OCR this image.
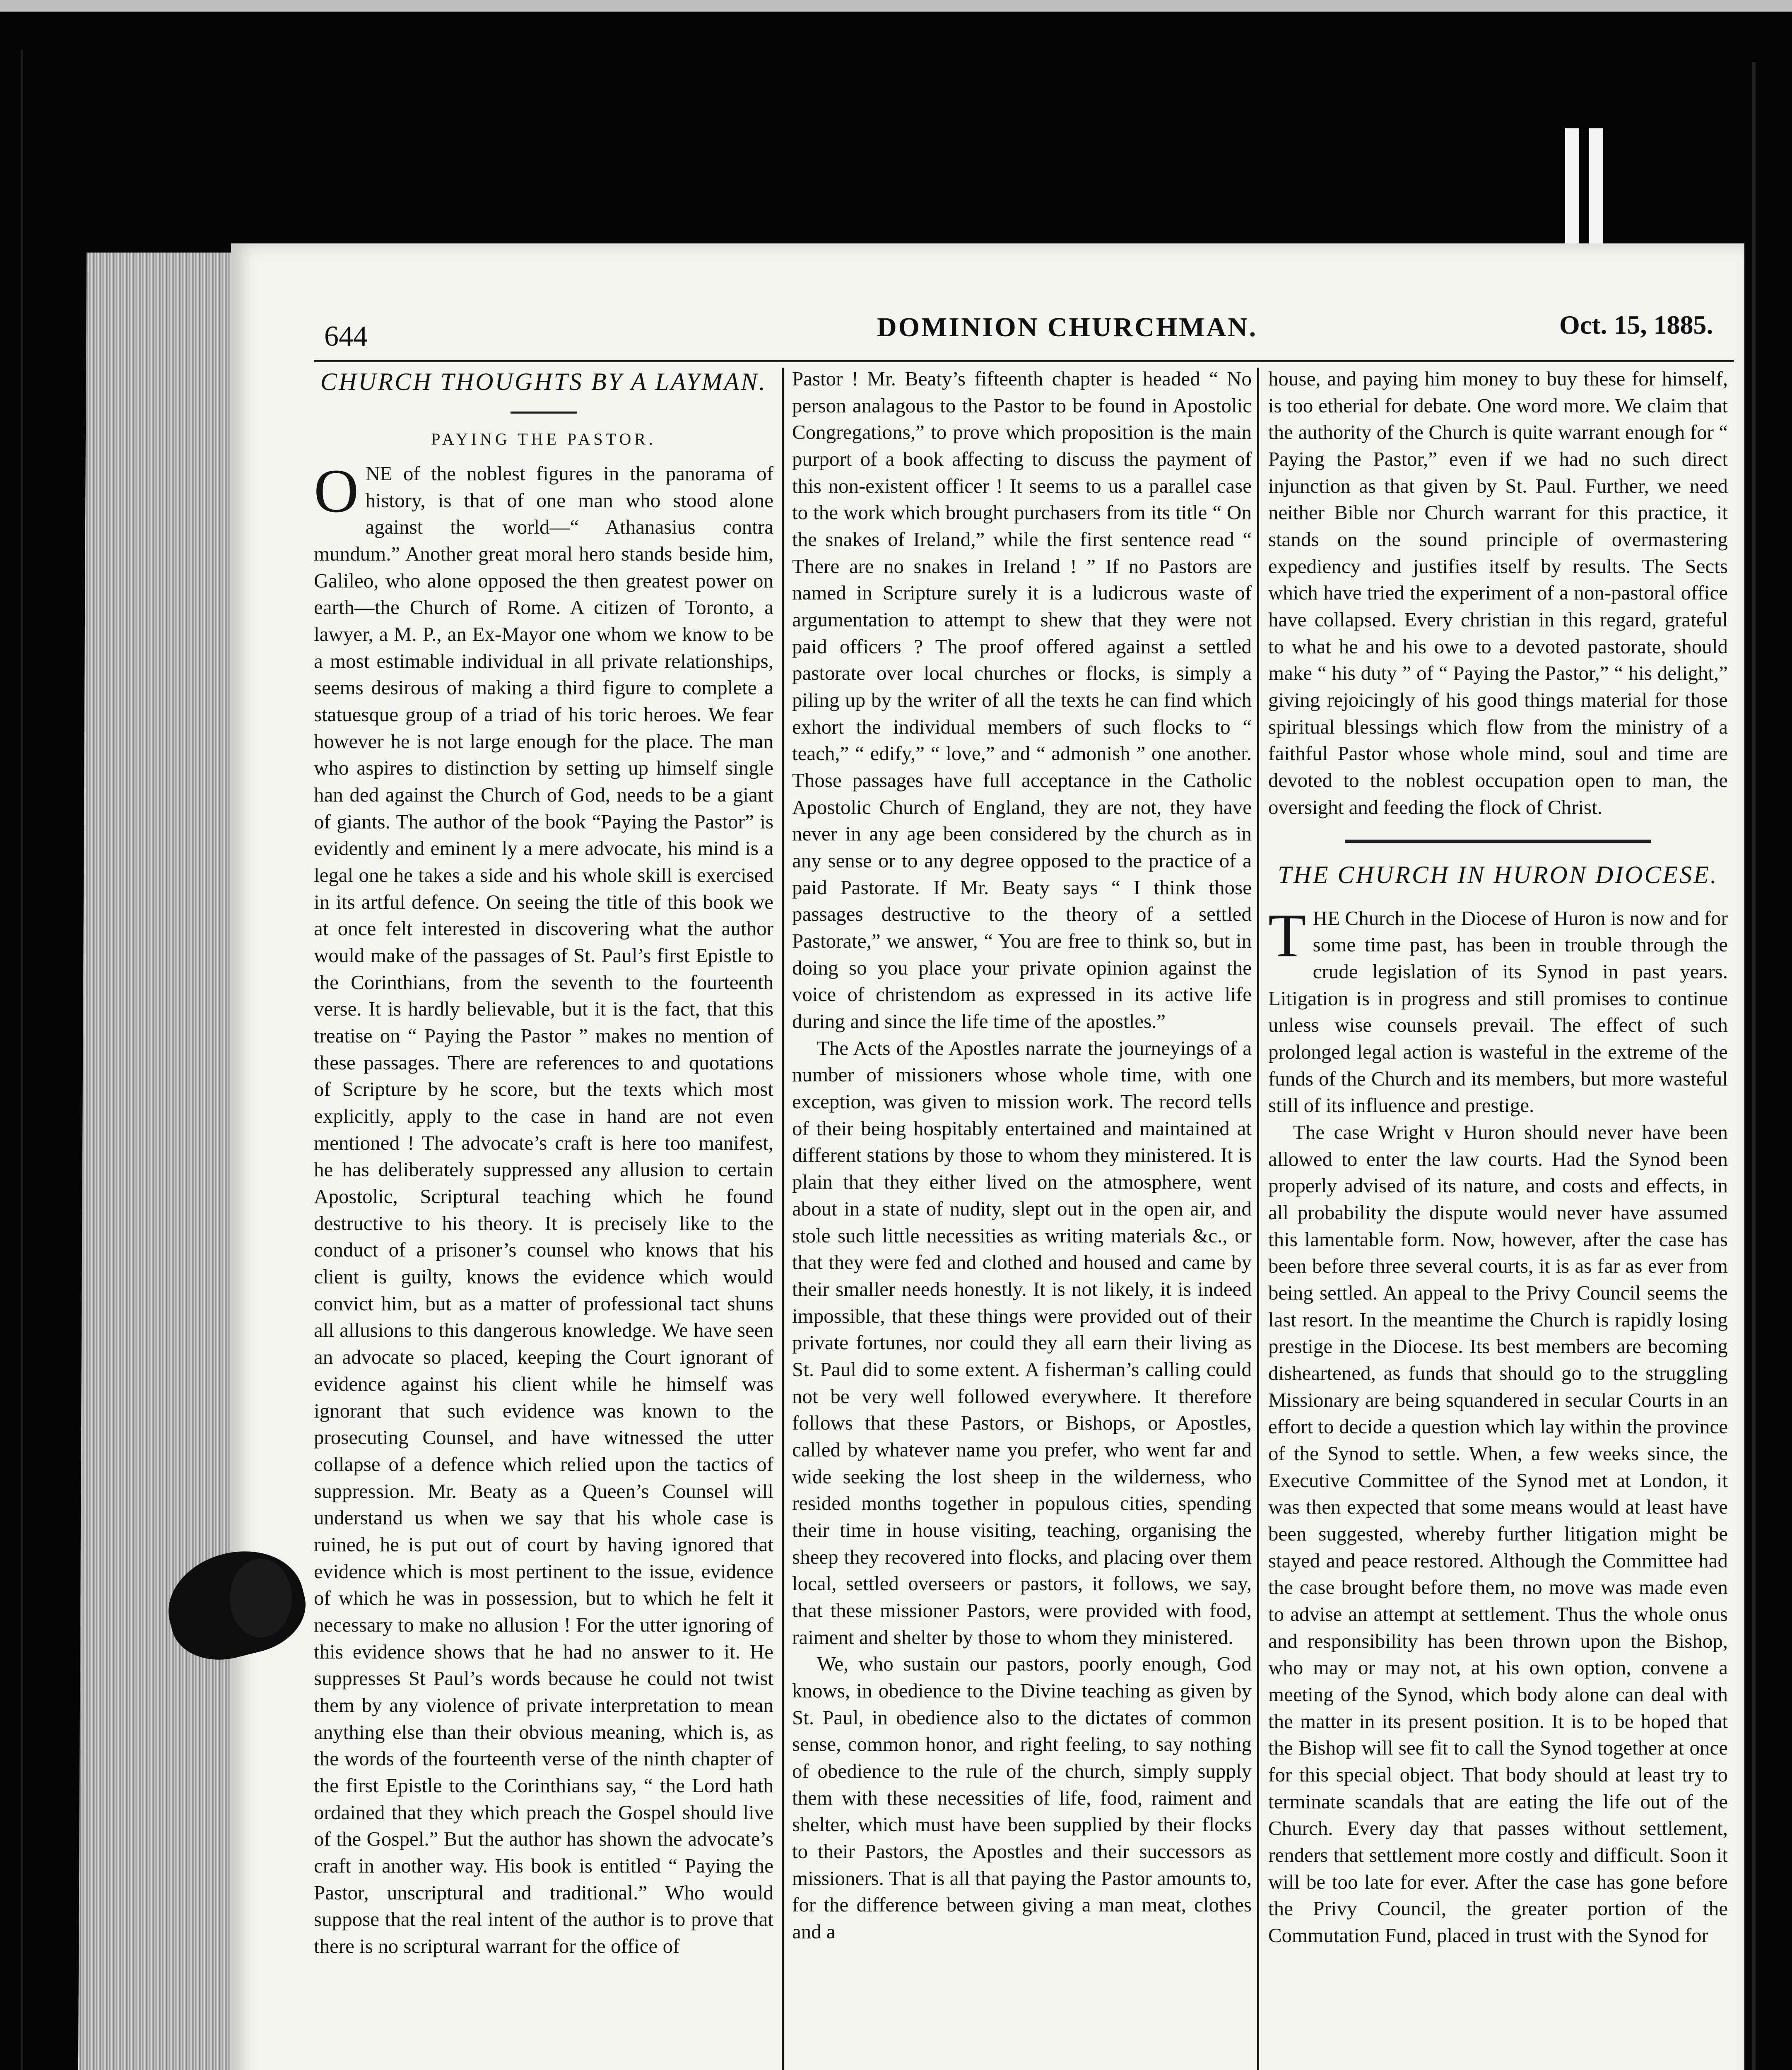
644	DOMINION CHURCHMAN.	Oct. 15, 1885.
CHURCH THOUGHTS BY A LAYMAN.
PAYING THE PASTOR.

O NE of the noblest figures in the panorama of history, is that of one man who stood alone against the world—“ Athanasius contra mundum.” Another great moral hero stands beside him, Galileo, who alone opposed the then greatest power on earth—the Church of Rome. A citizen of Toronto, a lawyer, a M. P., an Ex-Mayor one whom we know to be a most estimable individual in all private relationships, seems desirous of making a third figure to complete a statuesque group of a triad of his toric heroes. We fear however he is not large enough for the place. The man who aspires to distinction by setting up himself single han ded against the Church of God, needs to be a giant of giants. The author of the book “Paying the Pastor” is evidently and eminent ly a mere advocate, his mind is a legal one he takes a side and his whole skill is exercised in its artful defence. On seeing the title of this book we at once felt interested in discovering what the author would make of the passages of St. Paul’s first Epistle to the Corinthians, from the seventh to the fourteenth verse. It is hardly believable, but it is the fact, that this treatise on “ Paying the Pastor ” makes no mention of these passages. There are references to and quotations of Scripture by he score, but the texts which most explicitly, apply to the case in hand are not even mentioned ! The advocate’s craft is here too manifest, he has deliberately suppressed any allusion to certain Apostolic, Scriptural teaching which he found destructive to his theory. It is precisely like to the conduct of a prisoner’s counsel who knows that his client is guilty, knows the evidence which would convict him, but as a matter of professional tact shuns all allusions to this dangerous knowledge. We have seen an advocate so placed, keeping the Court ignorant of evidence against his client while he himself was ignorant that such evidence was known to the prosecuting Counsel, and have witnessed the utter collapse of a defence which relied upon the tactics of suppression. Mr. Beaty as a Queen’s Counsel will understand us when we say that his whole case is ruined, he is put out of court by having ignored that evidence which is most pertinent to the issue, evidence of which he was in possession, but to which he felt it necessary to make no allusion ! For the utter ignoring of this evidence shows that he had no answer to it. He suppresses St Paul’s words because he could not twist them by any violence of private interpretation to mean anything else than their obvious meaning, which is, as the words of the fourteenth verse of the ninth chapter of the first Epistle to the Corinthians say, “ the Lord hath ordained that they which preach the Gospel should live of the Gospel.” But the author has shown the advocate’s craft in another way. His book is entitled “ Paying the Pastor, unscriptural and traditional.” Who would suppose that the real intent of the author is to prove that there is no scriptural warrant for the office of

Pastor ! Mr. Beaty’s fifteenth chapter is headed “ No person analagous to the Pastor to be found in Apostolic Congregations,” to prove which proposition is the main purport of a book affecting to discuss the payment of this non-existent officer ! It seems to us a parallel case to the work which brought purchasers from its title “ On the snakes of Ireland,” while the first sentence read “ There are no snakes in Ireland ! ” If no Pastors are named in Scripture surely it is a ludicrous waste of argumentation to attempt to shew that they were not paid officers ? The proof offered against a settled pastorate over local churches or flocks, is simply a piling up by the writer of all the texts he can find which exhort the individual members of such flocks to “ teach,” “ edify,” “ love,” and “ admonish ” one another. Those passages have full acceptance in the Catholic Apostolic Church of England, they are not, they have never in any age been considered by the church as in any sense or to any degree opposed to the practice of a paid Pastorate. If Mr. Beaty says “ I think those passages destructive to the theory of a settled Pastorate,” we answer, “ You are free to think so, but in doing so you place your private opinion against the voice of christendom as expressed in its active life during and since the life time of the apostles.”

The Acts of the Apostles narrate the journeyings of a number of missioners whose whole time, with one exception, was given to mission work. The record tells of their being hospitably entertained and maintained at different stations by those to whom they ministered. It is plain that they either lived on the atmosphere, went about in a state of nudity, slept out in the open air, and stole such little necessities as writing materials &c., or that they were fed and clothed and housed and came by their smaller needs honestly. It is not likely, it is indeed impossible, that these things were provided out of their private fortunes, nor could they all earn their living as St. Paul did to some extent. A fisherman’s calling could not be very well followed everywhere. It therefore follows that these Pastors, or Bishops, or Apostles, called by whatever name you prefer, who went far and wide seeking the lost sheep in the wilderness, who resided months together in populous cities, spending their time in house visiting, teaching, organising the sheep they recovered into flocks, and placing over them local, settled overseers or pastors, it follows, we say, that these missioner Pastors, were provided with food, raiment and shelter by those to whom they ministered.

We, who sustain our pastors, poorly enough, God knows, in obedience to the Divine teaching as given by St. Paul, in obedience also to the dictates of common sense, common honor, and right feeling, to say nothing of obedience to the rule of the church, simply supply them with these necessities of life, food, raiment and shelter, which must have been supplied by their flocks to their Pastors, the Apostles and their successors as missioners. That is all that paying the Pastor amounts to, for the difference between giving a man meat, clothes and a

house, and paying him money to buy these for himself, is too etherial for debate. One word more. We claim that the authority of the Church is quite warrant enough for “ Paying the Pastor,” even if we had no such direct injunction as that given by St. Paul. Further, we need neither Bible nor Church warrant for this practice, it stands on the sound principle of overmastering expediency and justifies itself by results. The Sects which have tried the experiment of a non-pastoral office have collapsed. Every christian in this regard, grateful to what he and his owe to a devoted pastorate, should make “ his duty ” of “ Paying the Pastor,” “ his delight,” giving rejoicingly of his good things material for those spiritual blessings which flow from the ministry of a faithful Pastor whose whole mind, soul and time are devoted to the noblest occupation open to man, the oversight and feeding the flock of Christ.

THE CHURCH IN HURON DIOCESE.

T HE Church in the Diocese of Huron is now and for some time past, has been in trouble through the crude legislation of its Synod in past years. Litigation is in progress and still promises to continue unless wise counsels prevail. The effect of such prolonged legal action is wasteful in the extreme of the funds of the Church and its members, but more wasteful still of its influence and prestige.

The case Wright v Huron should never have been allowed to enter the law courts. Had the Synod been properly advised of its nature, and costs and effects, in all probability the dispute would never have assumed this lamentable form. Now, however, after the case has been before three several courts, it is as far as ever from being settled. An appeal to the Privy Council seems the last resort. In the meantime the Church is rapidly losing prestige in the Diocese. Its best members are becoming disheartened, as funds that should go to the struggling Missionary are being squandered in secular Courts in an effort to decide a question which lay within the province of the Synod to settle. When, a few weeks since, the Executive Committee of the Synod met at London, it was then expected that some means would at least have been suggested, whereby further litigation might be stayed and peace restored. Although the Committee had the case brought before them, no move was made even to advise an attempt at settlement. Thus the whole onus and responsibility has been thrown upon the Bishop, who may or may not, at his own option, convene a meeting of the Synod, which body alone can deal with the matter in its present position. It is to be hoped that the Bishop will see fit to call the Synod together at once for this special object. That body should at least try to terminate scandals that are eating the life out of the Church. Every day that passes without settlement, renders that settlement more costly and difficult. Soon it will be too late for ever. After the case has gone before the Privy Council, the greater portion of the Commutation Fund, placed in trust with the Synod for
